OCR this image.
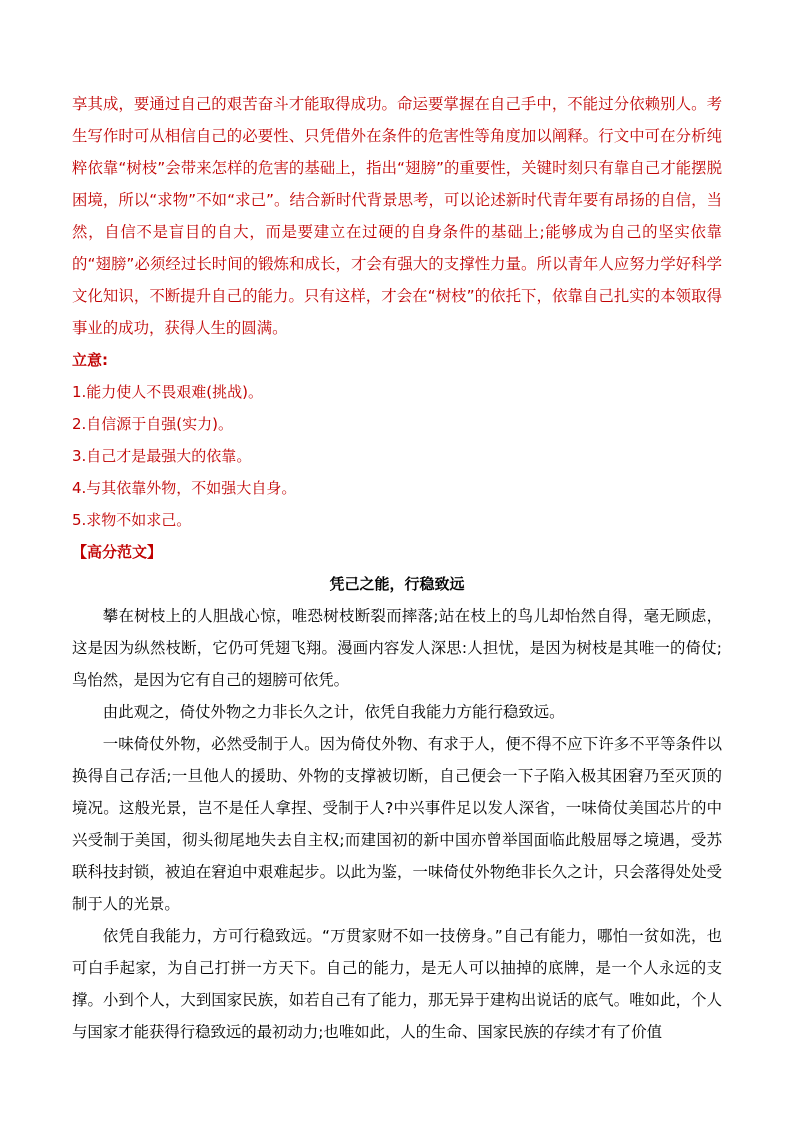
享其成，要通过自己的艰苦奋斗才能取得成功。命运要掌握在自己手中，不能过分依赖别人。考生写作时可从相信自己的必要性、只凭借外在条件的危害性等角度加以阐释。行文中可在分析纯粹依靠“树枝”会带来怎样的危害的基础上，指出“翅膀”的重要性，关键时刻只有靠自己才能摆脱困境，所以“求物”不如“求己”。结合新时代背景思考，可以论述新时代青年要有昂扬的自信，当然，自信不是盲目的自大，而是要建立在过硬的自身条件的基础上;能够成为自己的坚实依靠的“翅膀”必须经过长时间的锻炼和成长，才会有强大的支撑性力量。所以青年人应努力学好科学文化知识，不断提升自己的能力。只有这样，才会在“树枝”的依托下，依靠自己扎实的本领取得事业的成功，获得人生的圆满。

立意:

1.能力使人不畏艰难(挑战)。

2.自信源于自强(实力)。

3.自己才是最强大的依靠。

4.与其依靠外物，不如强大自身。

5.求物不如求己。

【高分范文】

凭己之能，行稳致远

攀在树枝上的人胆战心惊，唯恐树枝断裂而摔落;站在枝上的鸟儿却怡然自得，毫无顾虑，这是因为纵然枝断，它仍可凭翅飞翔。漫画内容发人深思:人担忧，是因为树枝是其唯一的倚仗;鸟怡然，是因为它有自己的翅膀可依凭。

由此观之，倚仗外物之力非长久之计，依凭自我能力方能行稳致远。

一味倚仗外物，必然受制于人。因为倚仗外物、有求于人，便不得不应下许多不平等条件以换得自己存活;一旦他人的援助、外物的支撑被切断，自己便会一下子陷入极其困窘乃至灭顶的境况。这般光景，岂不是任人拿捏、受制于人?中兴事件足以发人深省，一味倚仗美国芯片的中兴受制于美国，彻头彻尾地失去自主权;而建国初的新中国亦曾举国面临此般屈辱之境遇，受苏联科技封锁，被迫在窘迫中艰难起步。以此为鉴，一味倚仗外物绝非长久之计，只会落得处处受制于人的光景。

依凭自我能力，方可行稳致远。“万贯家财不如一技傍身。”自己有能力，哪怕一贫如洗，也可白手起家，为自己打拼一方天下。自己的能力，是无人可以抽掉的底牌，是一个人永远的支撑。小到个人，大到国家民族，如若自己有了能力，那无异于建构出说话的底气。唯如此，个人与国家才能获得行稳致远的最初动力;也唯如此，人的生命、国家民族的存续才有了价值
